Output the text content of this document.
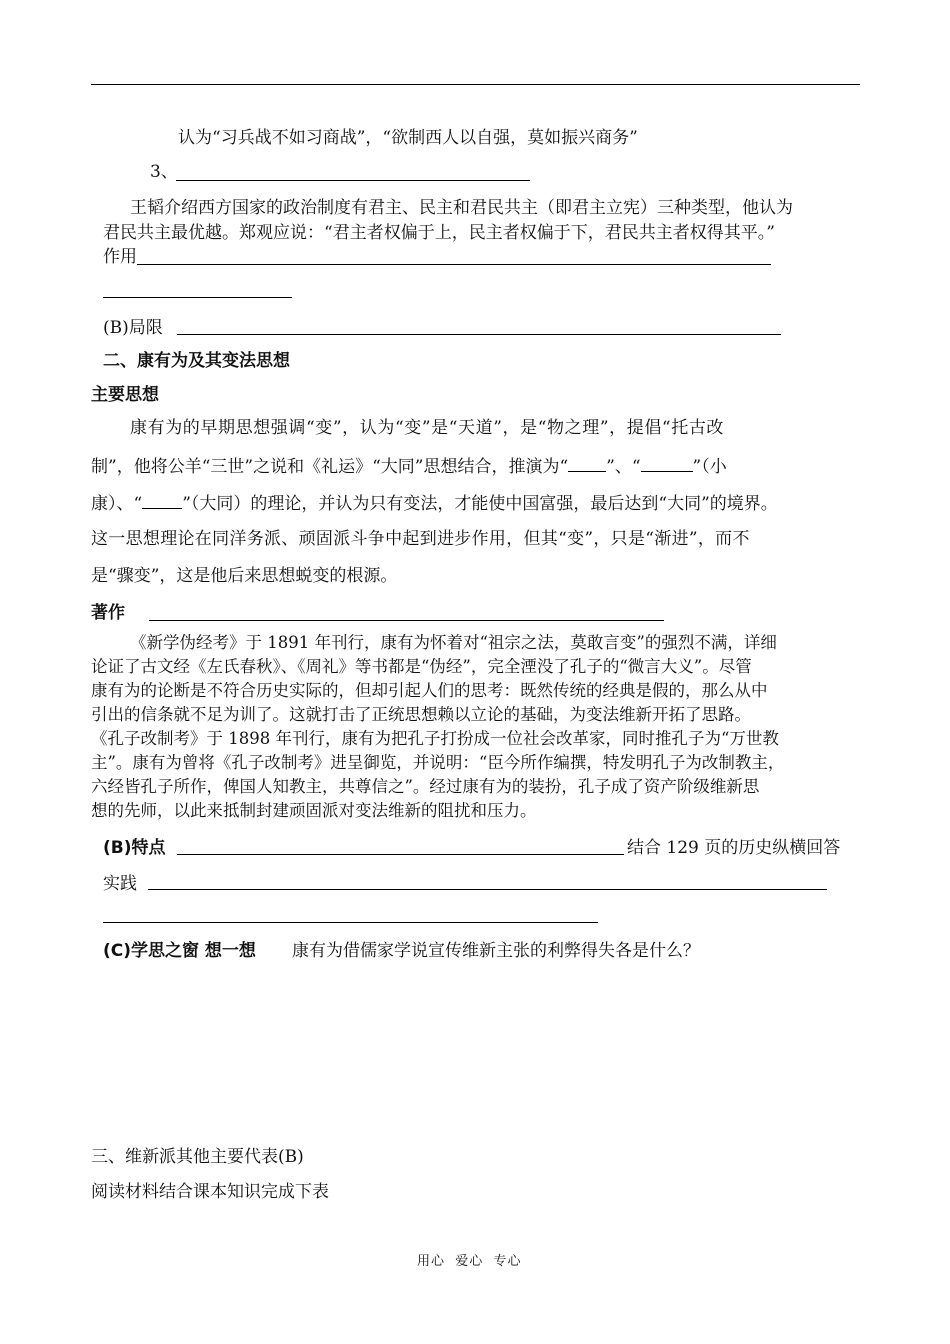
认为“习兵战不如习商战”，“欲制西人以自强，莫如振兴商务”
3、
王韬介绍西方国家的政治制度有君主、民主和君民共主（即君主立宪）三种类型，他认为
君民共主最优越。郑观应说：“君主者权偏于上，民主者权偏于下，君民共主者权得其平。”
作用
(B)局限
二、康有为及其变法思想
主要思想
康有为的早期思想强调“变”，认为“变”是“天道”，是“物之理”，提倡“托古改
制”，他将公羊“三世”之说和《礼运》“大同”思想结合，推演为“ ”、“	”（小
康）、“ ”（大同）的理论，并认为只有变法，才能使中国富强，最后达到“大同”的境界。
这一思想理论在同洋务派、顽固派斗争中起到进步作用，但其“变”，只是“渐进”，而不
是“骤变”，这是他后来思想蜕变的根源。
著作
《新学伪经考》于 1891 年刊行，康有为怀着对“祖宗之法，莫敢言变”的强烈不满，详细
论证了古文经《左氏春秋》、《周礼》等书都是“伪经”，完全湮没了孔子的“微言大义”。尽管
康有为的论断是不符合历史实际的，但却引起人们的思考：既然传统的经典是假的，那么从中
引出的信条就不足为训了。这就打击了正统思想赖以立论的基础，为变法维新开拓了思路。
《孔子改制考》于 1898 年刊行，康有为把孔子打扮成一位社会改革家，同时推孔子为“万世教
主”。康有为曾将《孔子改制考》进呈御览，并说明：“臣今所作编撰，特发明孔子为改制教主，
六经皆孔子所作，俾国人知教主，共尊信之”。经过康有为的装扮，孔子成了资产阶级维新思
想的先师，以此来抵制封建顽固派对变法维新的阻扰和压力。
(B)特点	结合 129 页的历史纵横回答
实践
(C)学思之窗 想一想 康有为借儒家学说宣传维新主张的利弊得失各是什么？
三、维新派其他主要代表(B)
阅读材料结合课本知识完成下表
用心  爱心  专心
